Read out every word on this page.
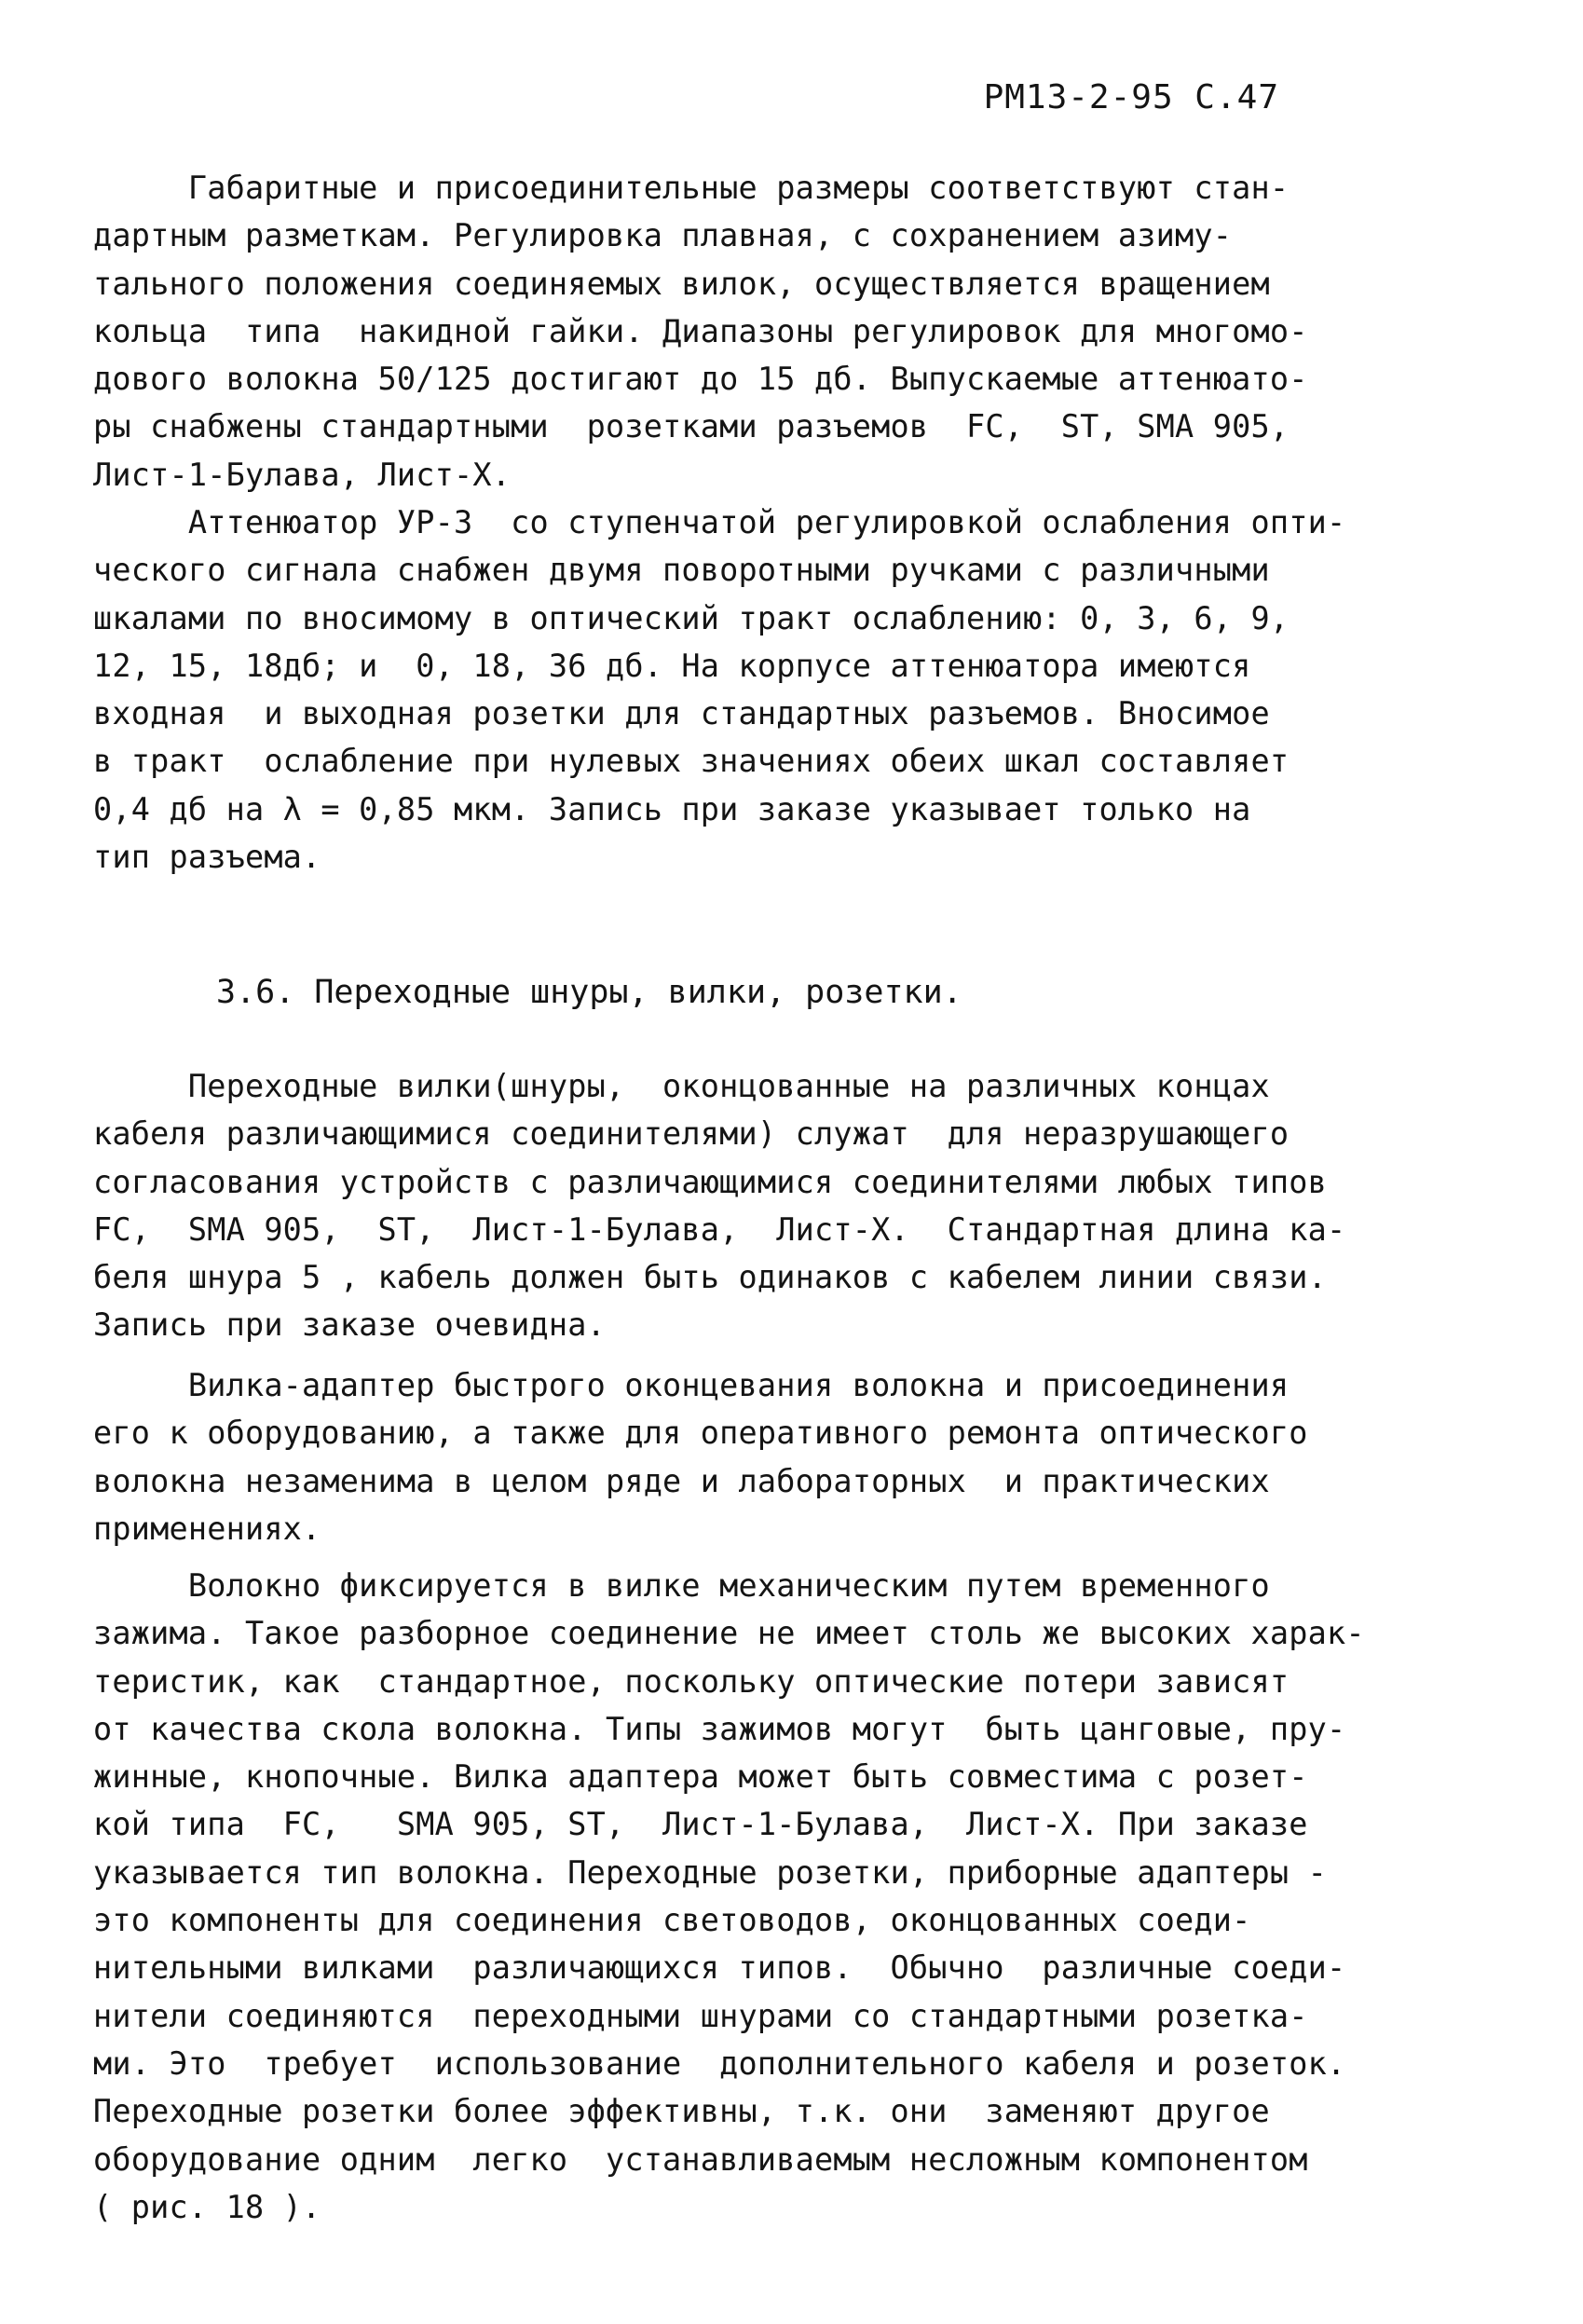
РМ13-2-95 С.47
Габаритные и присоединительные размеры соответствуют стан-
дартным разметкам. Регулировка плавная, с сохранением азиму-
тального положения соединяемых вилок, осуществляется вращением
кольца  типа  накидной гайки. Диапазоны регулировок для многомо-
дового волокна 50/125 достигают до 15 дб. Выпускаемые аттенюато-
ры снабжены стандартными  розетками разъемов  FC,  ST, SMA 905,
Лист-1-Булава, Лист-Х.
Аттенюатор УР-3  со ступенчатой регулировкой ослабления опти-
ческого сигнала снабжен двумя поворотными ручками с различными
шкалами по вносимому в оптический тракт ослаблению: 0, 3, 6, 9,
12, 15, 18дб; и  0, 18, 36 дб. На корпусе аттенюатора имеются
входная  и выходная розетки для стандартных разъемов. Вносимое
в тракт  ослабление при нулевых значениях обеих шкал составляет
0,4 дб на λ = 0,85 мкм. Запись при заказе указывает только на
тип разъема.
3.6. Переходные шнуры, вилки, розетки.
Переходные вилки(шнуры,  оконцованные на различных концах
кабеля различающимися соединителями) служат  для неразрушающего
согласования устройств с различающимися соединителями любых типов
FC,  SMA 905,  ST,  Лист-1-Булава,  Лист-Х.  Стандартная длина ка-
беля шнура 5 , кабель должен быть одинаков с кабелем линии связи.
Запись при заказе очевидна.
Вилка-адаптер быстрого оконцевания волокна и присоединения
его к оборудованию, а также для оперативного ремонта оптического
волокна незаменима в целом ряде и лабораторных  и практических
применениях.
Волокно фиксируется в вилке механическим путем временного
зажима. Такое разборное соединение не имеет столь же высоких харак-
теристик, как  стандартное, поскольку оптические потери зависят
от качества скола волокна. Типы зажимов могут  быть цанговые, пру-
жинные, кнопочные. Вилка адаптера может быть совместима с розет-
кой типа  FC,   SMA 905, ST,  Лист-1-Булава,  Лист-Х. При заказе
указывается тип волокна. Переходные розетки, приборные адаптеры -
это компоненты для соединения световодов, оконцованных соеди-
нительными вилками  различающихся типов.  Обычно  различные соеди-
нители соединяются  переходными шнурами со стандартными розетка-
ми. Это  требует  использование  дополнительного кабеля и розеток.
Переходные розетки более эффективны, т.к. они  заменяют другое
оборудование одним  легко  устанавливаемым несложным компонентом
( рис. 18 ).
